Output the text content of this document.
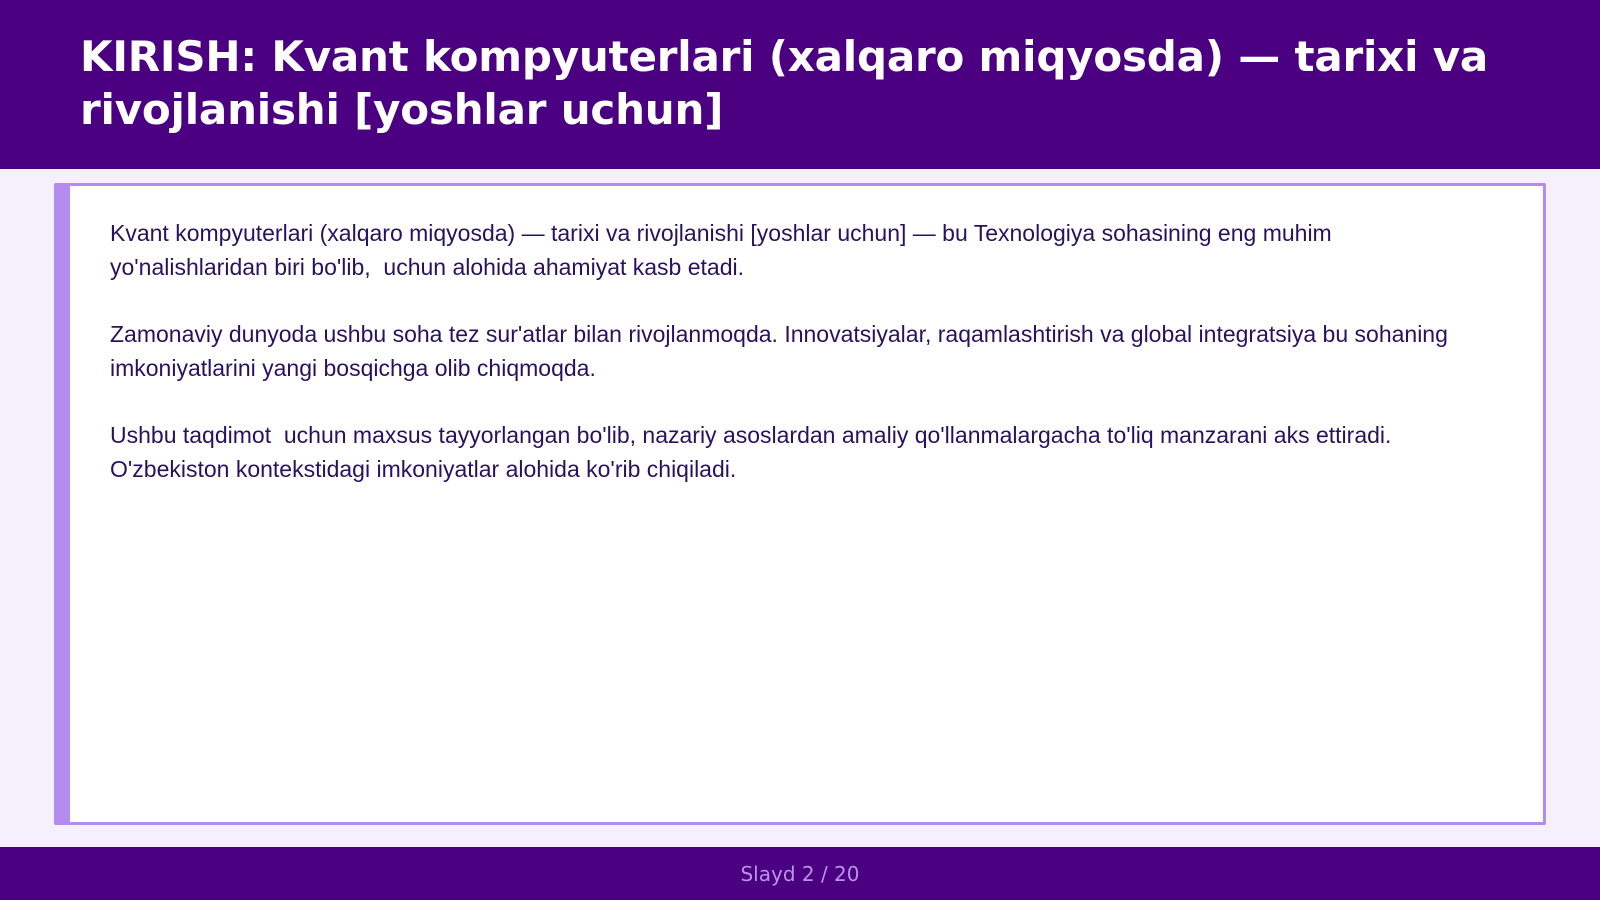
KIRISH: Kvant kompyuterlari (xalqaro miqyosda) — tarixi va rivojlanishi [yoshlar uchun]

Kvant kompyuterlari (xalqaro miqyosda) — tarixi va rivojlanishi [yoshlar uchun] — bu Texnologiya sohasining eng muhim yo'nalishlaridan biri bo'lib,  uchun alohida ahamiyat kasb etadi.

Zamonaviy dunyoda ushbu soha tez sur'atlar bilan rivojlanmoqda. Innovatsiyalar, raqamlashtirish va global integratsiya bu sohaning imkoniyatlarini yangi bosqichga olib chiqmoqda.

Ushbu taqdimot  uchun maxsus tayyorlangan bo'lib, nazariy asoslardan amaliy qo'llanmalargacha to'liq manzarani aks ettiradi. O'zbekiston kontekstidagi imkoniyatlar alohida ko'rib chiqiladi.

Slayd 2 / 20
